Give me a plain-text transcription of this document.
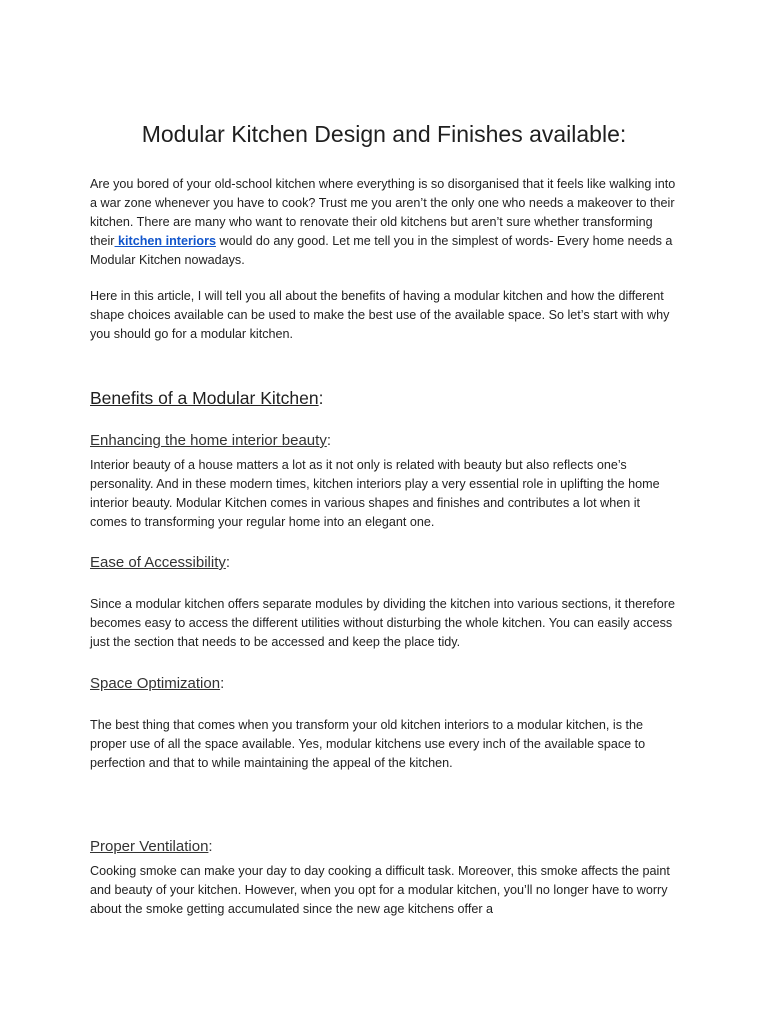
Modular Kitchen Design and Finishes available:

Are you bored of your old-school kitchen where everything is so disorganised that it feels like walking into a war zone whenever you have to cook? Trust me you aren’t the only one who needs a makeover to their kitchen. There are many who want to renovate their old kitchens but aren’t sure whether transforming their kitchen interiors would do any good. Let me tell you in the simplest of words- Every home needs a Modular Kitchen nowadays.

Here in this article, I will tell you all about the benefits of having a modular kitchen and how the different shape choices available can be used to make the best use of the available space. So let’s start with why you should go for a modular kitchen.

Benefits of a Modular Kitchen:
Enhancing the home interior beauty:

Interior beauty of a house matters a lot as it not only is related with beauty but also reflects one’s personality. And in these modern times, kitchen interiors play a very essential role in uplifting the home interior beauty. Modular Kitchen comes in various shapes and finishes and contributes a lot when it comes to transforming your regular home into an elegant one.

Ease of Accessibility:

Since a modular kitchen offers separate modules by dividing the kitchen into various sections, it therefore becomes easy to access the different utilities without disturbing the whole kitchen. You can easily access just the section that needs to be accessed and keep the place tidy.

Space Optimization:

The best thing that comes when you transform your old kitchen interiors to a modular kitchen, is the proper use of all the space available. Yes, modular kitchens use every inch of the available space to perfection and that to while maintaining the appeal of the kitchen.

Proper Ventilation:

Cooking smoke can make your day to day cooking a difficult task. Moreover, this smoke affects the paint and beauty of your kitchen. However, when you opt for a modular kitchen, you’ll no longer have to worry about the smoke getting accumulated since the new age kitchens offer a
